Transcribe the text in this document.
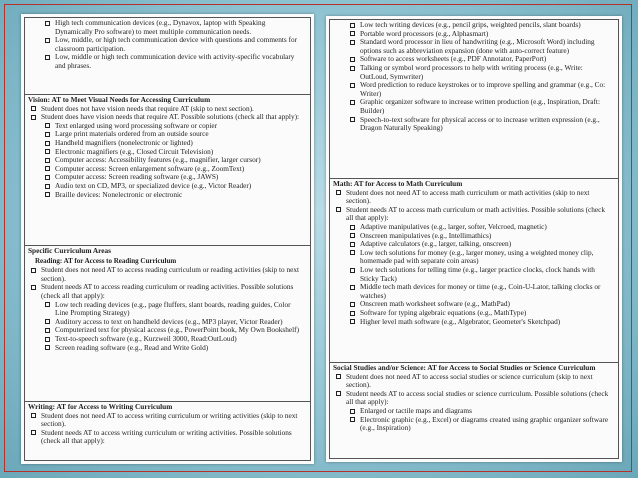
High tech communication devices (e.g., Dynavox, laptop with Speaking Dynamically Pro software) to meet multiple communication needs.
Low, middle, or high tech communication device with questions and comments for classroom participation.
Low, middle or high tech communication device with activity-specific vocabulary and phrases.
Vision: AT to Meet Visual Needs for Accessing Curriculum
Student does not have vision needs that require AT (skip to next section).
Student does have vision needs that require AT. Possible solutions (check all that apply):
Text enlarged using word processing software or copier
Large print materials ordered from an outside source
Handheld magnifiers (nonelectronic or lighted)
Electronic magnifiers (e.g., Closed Circuit Television)
Computer access: Accessibility features (e.g., magnifier, larger cursor)
Computer access: Screen enlargement software (e.g., ZoomText)
Computer access: Screen reading software (e.g., JAWS)
Audio text on CD, MP3, or specialized device (e.g., Victor Reader)
Braille devices: Nonelectronic or electronic
Specific Curriculum Areas
Reading: AT for Access to Reading Curriculum
Student does not need AT to access reading curriculum or reading activities (skip to next section).
Student needs AT to access reading curriculum or reading activities. Possible solutions (check all that apply):
Low tech reading devices (e.g., page fluffers, slant boards, reading guides, Color Line Prompting Strategy)
Auditory access to text on handheld devices (e.g., MP3 player, Victor Reader)
Computerized text for physical access (e.g., PowerPoint book, My Own Bookshelf)
Text-to-speech software (e.g., Kurzweil 3000, Read:OutLoud)
Screen reading software (e.g., Read and Write Gold)
Writing: AT for Access to Writing Curriculum
Student does not need AT to access writing curriculum or writing activities (skip to next section).
Student needs AT to access writing curriculum or writing activities. Possible solutions (check all that apply):
Low tech writing devices (e.g., pencil grips, weighted pencils, slant boards)
Portable word processors (e.g., Alphasmart)
Standard word processor in lieu of handwriting (e.g., Microsoft Word) including options such as abbreviation expansion (done with auto-correct feature)
Software to access worksheets (e.g., PDF Annotator, PaperPort)
Talking or symbol word processors to help with writing process (e.g., Write: OutLoud, Symwriter)
Word prediction to reduce keystrokes or to improve spelling and grammar (e.g., Co: Writer)
Graphic organizer software to increase written production (e.g., Inspiration, Draft: Builder)
Speech-to-text software for physical access or to increase written expression (e.g., Dragon Naturally Speaking)
Math: AT for Access to Math Curriculum
Student does not need AT to access math curriculum or math activities (skip to next section).
Student needs AT to access math curriculum or math activities. Possible solutions (check all that apply):
Adaptive manipulatives (e.g., larger, softer, Velcroed, magnetic)
Onscreen manipulatives (e.g., Intellimathics)
Adaptive calculators (e.g., larger, talking, onscreen)
Low tech solutions for money (e.g., larger money, using a weighted money clip, homemade pad with separate coin areas)
Low tech solutions for telling time (e.g., larger practice clocks, clock hands with Sticky Tack)
Middle tech math devices for money or time (e.g., Coin-U-Lator, talking clocks or watches)
Onscreen math worksheet software (e.g., MathPad)
Software for typing algebraic equations (e.g., MathType)
Higher level math software (e.g., Algebrator, Geometer's Sketchpad)
Social Studies and/or Science: AT for Access to Social Studies or Science Curriculum
Student does not need AT to access social studies or science curriculum (skip to next section).
Student needs AT to access social studies or science curriculum. Possible solutions (check all that apply):
Enlarged or tactile maps and diagrams
Electronic graphic (e.g., Excel) or diagrams created using graphic organizer software (e.g., Inspiration)
